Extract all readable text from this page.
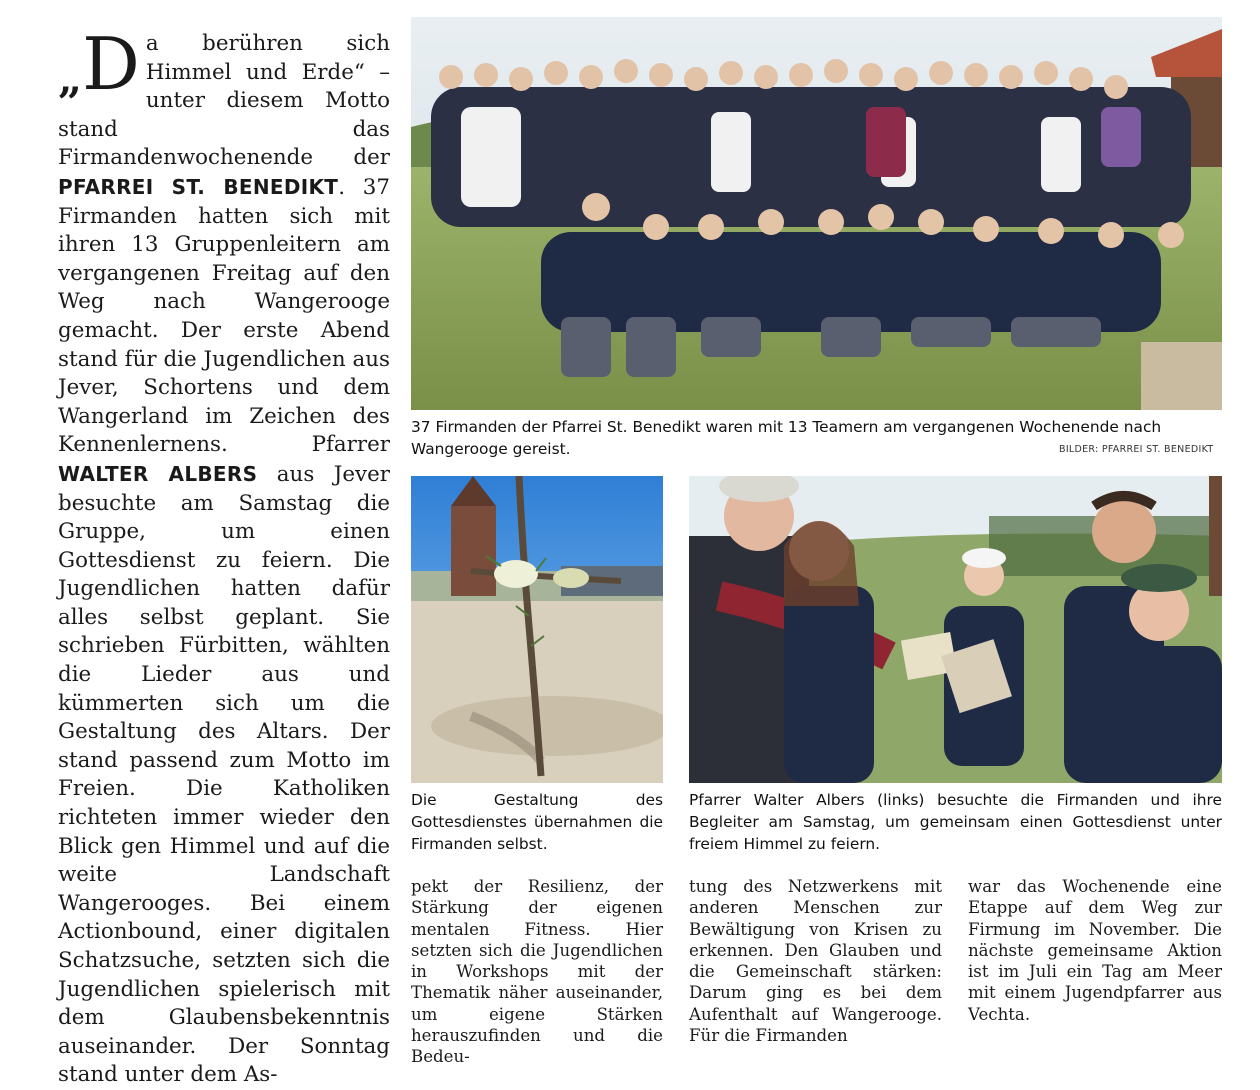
„ D a berühren sich Himmel und Erde“ – unter diesem Motto stand das Firmandenwochenende der PFARREI ST. BENEDIKT. 37 Firmanden hatten sich mit ihren 13 Gruppenleitern am vergangenen Freitag auf den Weg nach Wangerooge gemacht. Der erste Abend stand für die Jugendlichen aus Jever, Schortens und dem Wangerland im Zeichen des Kennenlernens. Pfarrer WALTER ALBERS aus Jever besuchte am Samstag die Gruppe, um einen Gottesdienst zu feiern. Die Jugendlichen hatten dafür alles selbst geplant. Sie schrieben Fürbitten, wählten die Lieder aus und kümmerten sich um die Gestaltung des Altars. Der stand passend zum Motto im Freien. Die Katholiken richteten immer wieder den Blick gen Himmel und auf die weite Landschaft Wangerooges. Bei einem Actionbound, einer digitalen Schatzsuche, setzten sich die Jugendlichen spielerisch mit dem Glaubensbekenntnis auseinander. Der Sonntag stand unter dem As-
37 Firmanden der Pfarrei St. Benedikt waren mit 13 Teamern am vergangenen Wochenende nach Wangerooge gereist.	BILDER: PFARREI ST. BENEDIKT
Die Gestaltung des Gottesdienstes übernahmen die Firmanden selbst.
Pfarrer Walter Albers (links) besuchte die Firmanden und ihre Begleiter am Samstag, um gemeinsam einen Gottesdienst unter freiem Himmel zu feiern.
pekt der Resilienz, der Stärkung der eigenen mentalen Fitness. Hier setzten sich die Jugendlichen in Workshops mit der Thematik näher auseinander, um eigene Stärken herauszufinden und die Bedeu-
tung des Netzwerkens mit anderen Menschen zur Bewältigung von Krisen zu erkennen. Den Glauben und die Gemeinschaft stärken: Darum ging es bei dem Aufenthalt auf Wangerooge. Für die Firmanden
war das Wochenende eine Etappe auf dem Weg zur Firmung im November. Die nächste gemeinsame Aktion ist im Juli ein Tag am Meer mit einem Jugendpfarrer aus Vechta.
